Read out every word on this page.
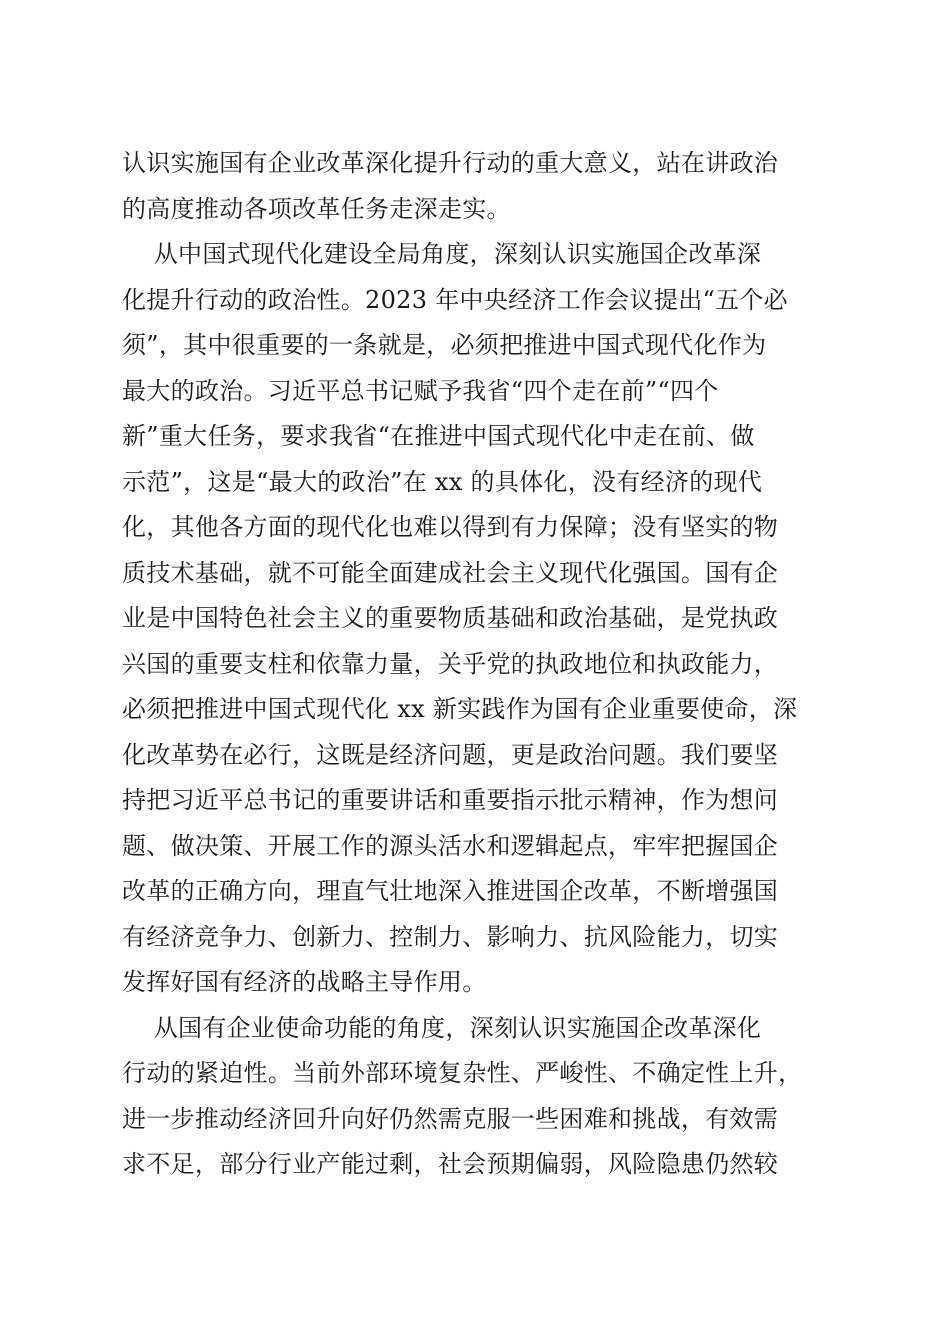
认识实施国有企业改革深化提升行动的重大意义，站在讲政治
的高度推动各项改革任务走深走实。
从中国式现代化建设全局角度，深刻认识实施国企改革深
化提升行动的政治性。2023 年中央经济工作会议提出“五个必
须”，其中很重要的一条就是，必须把推进中国式现代化作为
最大的政治。习近平总书记赋予我省“四个走在前”“四个
新”重大任务，要求我省“在推进中国式现代化中走在前、做
示范”，这是“最大的政治”在 xx 的具体化，没有经济的现代
化，其他各方面的现代化也难以得到有力保障；没有坚实的物
质技术基础，就不可能全面建成社会主义现代化强国。国有企
业是中国特色社会主义的重要物质基础和政治基础，是党执政
兴国的重要支柱和依靠力量，关乎党的执政地位和执政能力，
必须把推进中国式现代化 xx 新实践作为国有企业重要使命，深
化改革势在必行，这既是经济问题，更是政治问题。我们要坚
持把习近平总书记的重要讲话和重要指示批示精神，作为想问
题、做决策、开展工作的源头活水和逻辑起点，牢牢把握国企
改革的正确方向，理直气壮地深入推进国企改革，不断增强国
有经济竞争力、创新力、控制力、影响力、抗风险能力，切实
发挥好国有经济的战略主导作用。
从国有企业使命功能的角度，深刻认识实施国企改革深化
行动的紧迫性。当前外部环境复杂性、严峻性、不确定性上升，
进一步推动经济回升向好仍然需克服一些困难和挑战，有效需
求不足，部分行业产能过剩，社会预期偏弱，风险隐患仍然较
